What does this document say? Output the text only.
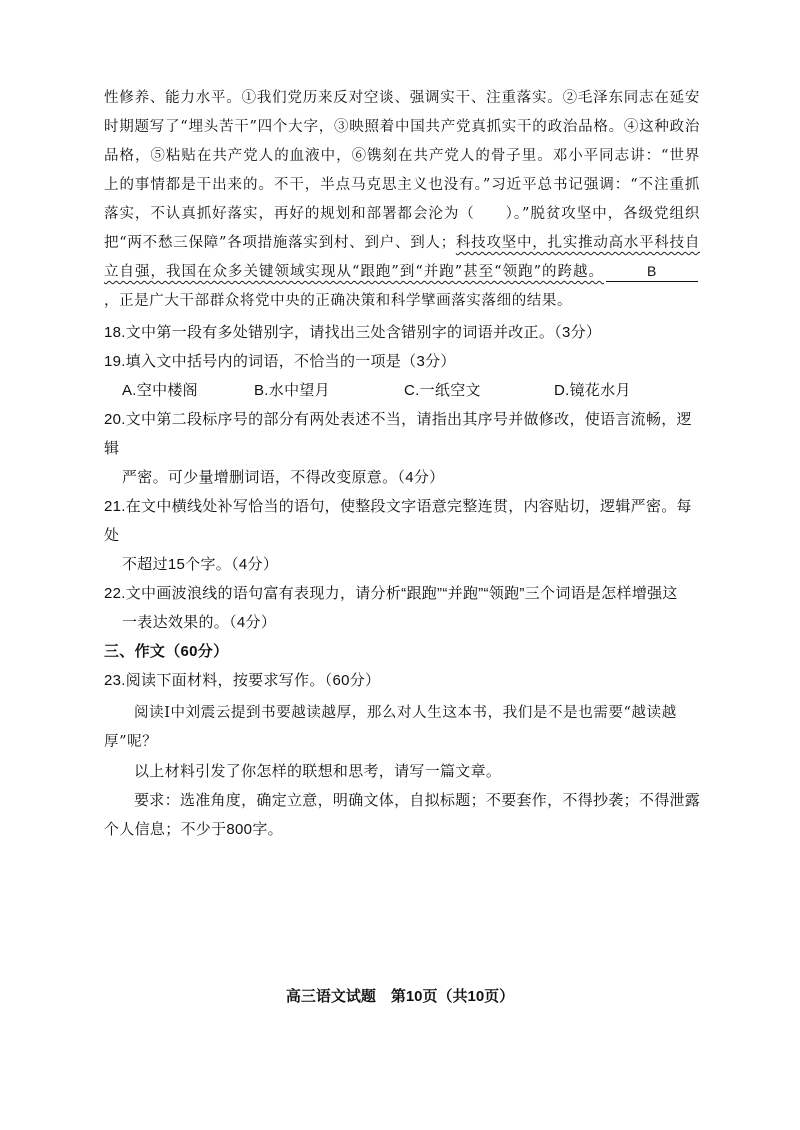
性修养、能力水平。①我们党历来反对空谈、强调实干、注重落实。②毛泽东同志在延安时期题写了“埋头苦干”四个大字，③映照着中国共产党真抓实干的政治品格。④这种政治品格，⑤粘贴在共产党人的血液中，⑥镌刻在共产党人的骨子里。邓小平同志讲：“世界上的事情都是干出来的。不干，半点马克思主义也没有。”习近平总书记强调：“不注重抓落实，不认真抓好落实，再好的规划和部署都会沦为（　　）。”脱贫攻坚中，各级党组织把“两不愁三保障”各项措施落实到村、到户、到人；科技攻坚中，扎实推动高水平科技自立自强，我国在众多关键领域实现从“跟跑”到“并跑”甚至“领跑”的跨越。	B，正是广大干部群众将党中央的正确决策和科学擘画落实落细的结果。

18.文中第一段有多处错别字，请找出三处含错别字的词语并改正。（3分）

19.填入文中括号内的词语，不恰当的一项是（3分）

A.空中楼阁	B.水中望月	C.一纸空文	D.镜花水月

20.文中第二段标序号的部分有两处表述不当，请指出其序号并做修改，使语言流畅，逻辑
严密。可少量增删词语，不得改变原意。（4分）

21.在文中横线处补写恰当的语句，使整段文字语意完整连贯，内容贴切，逻辑严密。每处
不超过15个字。（4分）

22.文中画波浪线的语句富有表现力，请分析“跟跑”“并跑”“领跑”三个词语是怎样增强这
一表达效果的。（4分）

三、作文（60分）

23.阅读下面材料，按要求写作。（60分）

阅读Ⅰ中刘震云提到书要越读越厚，那么对人生这本书，我们是不是也需要“越读越厚”呢？
以上材料引发了你怎样的联想和思考，请写一篇文章。
要求：选准角度，确定立意，明确文体，自拟标题；不要套作，不得抄袭；不得泄露个人信息；不少于800字。
高三语文试题　第10页（共10页）
